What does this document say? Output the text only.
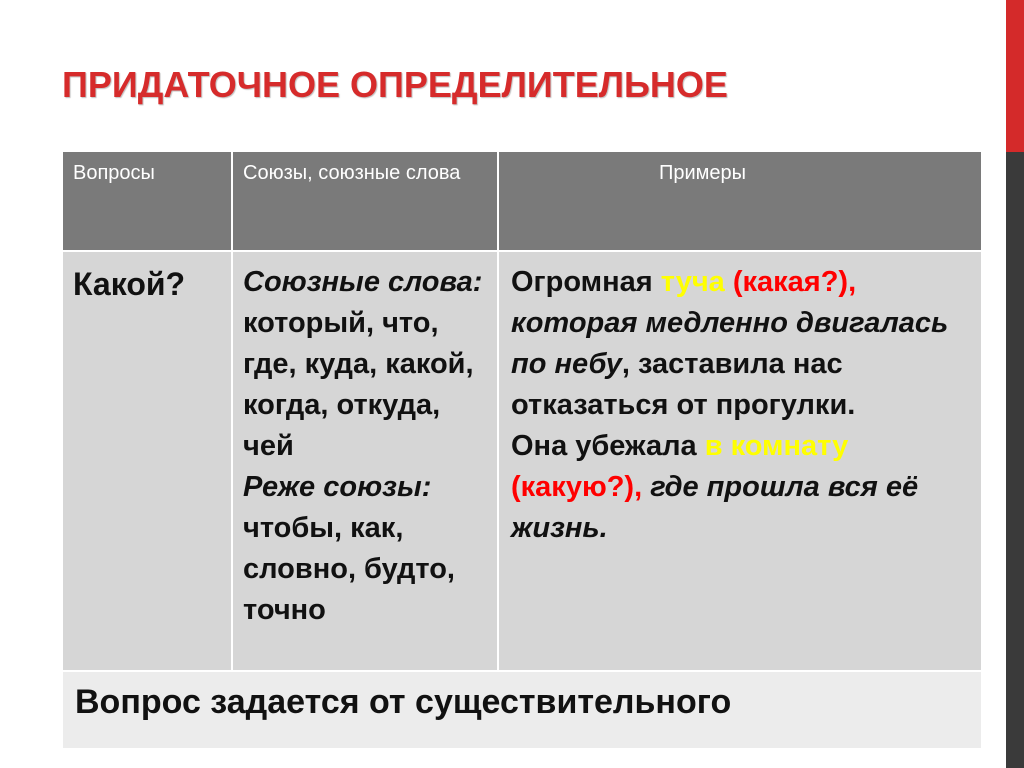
ПРИДАТОЧНОЕ ОПРЕДЕЛИТЕЛЬНОЕ
Вопросы	Союзы, союзные слова	Примеры
Какой?	Союзные слова:
который, что, где, куда, какой, когда, откуда, чей
Реже союзы:
чтобы, как, словно, будто, точно	Огромная туча (какая?), которая медленно двигалась по небу, заставила нас отказаться от прогулки.
Она убежала в комнату (какую?), где прошла вся её жизнь.

Вопрос задается от существительного		
